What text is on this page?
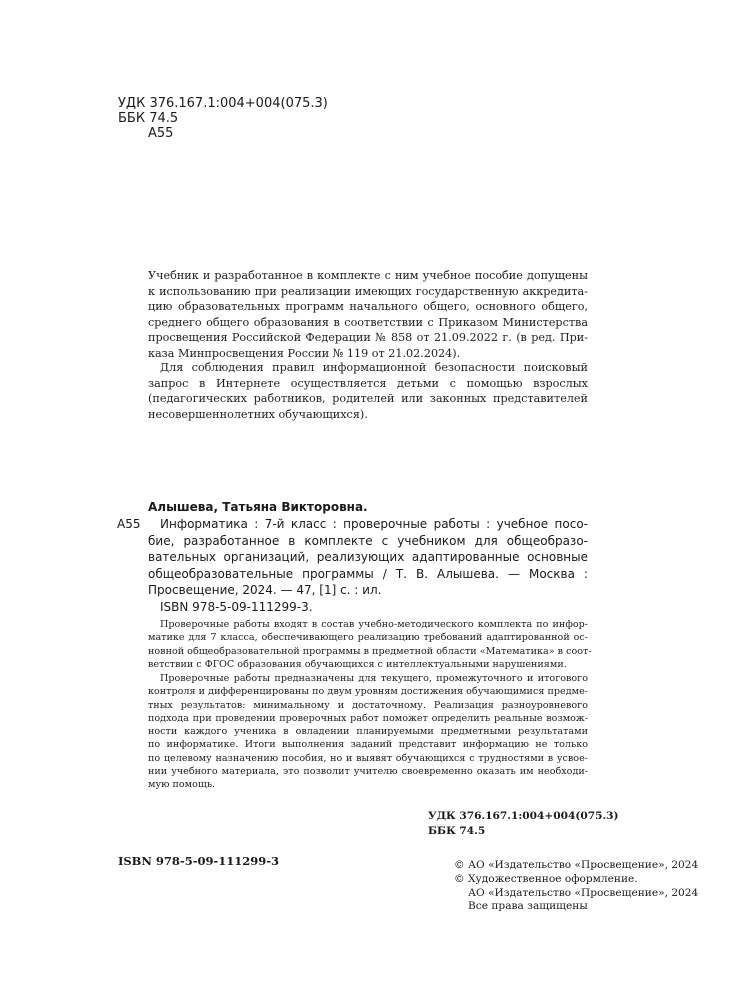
УДК 376.167.1:004+004(075.3)
ББК 74.5
А55
Учебник и разработанное в комплекте с ним учебное пособие допущены
к использованию при реализации имеющих государственную аккредита-
цию образовательных программ начального общего, основного общего,
среднего общего образования в соответствии с Приказом Министерства
просвещения Российской Федерации № 858 от 21.09.2022 г. (в ред. При-
каза Минпросвещения России № 119 от 21.02.2024).
Для соблюдения правил информационной безопасности поисковый
запрос в Интернете осуществляется детьми с помощью взрослых
(педагогических работников, родителей или законных представителей
несовершеннолетних обучающихся).
Алышева, Татьяна Викторовна.
А55 Информатика : 7-й класс : проверочные работы : учебное посо-
бие, разработанное в комплекте с учебником для общеобразо-
вательных организаций, реализующих адаптированные основные
общеобразовательные программы / Т. В. Алышева. — Москва :
Просвещение, 2024. — 47, [1] с. : ил.
ISBN 978-5-09-111299-3.
Проверочные работы входят в состав учебно-методического комплекта по инфор-
матике для 7 класса, обеспечивающего реализацию требований адаптированной ос-
новной общеобразовательной программы в предметной области «Математика» в соот-
ветствии с ФГОС образования обучающихся с интеллектуальными нарушениями.
Проверочные работы предназначены для текущего, промежуточного и итогового
контроля и дифференцированы по двум уровням достижения обучающимися предме-
тных результатов: минимальному и достаточному. Реализация разноуровневого
подхода при проведении проверочных работ поможет определить реальные возмож-
ности каждого ученика в овладении планируемыми предметными результатами
по информатике. Итоги выполнения заданий представит информацию не только
по целевому назначению пособия, но и выявят обучающихся с трудностями в усвое-
нии учебного материала, это позволит учителю своевременно оказать им необходи-
мую помощь.
УДК 376.167.1:004+004(075.3)
ББК 74.5
ISBN 978-5-09-111299-3	© АО «Издательство «Просвещение», 2024
© Художественное оформление.
АО «Издательство «Просвещение», 2024
Все права защищены
